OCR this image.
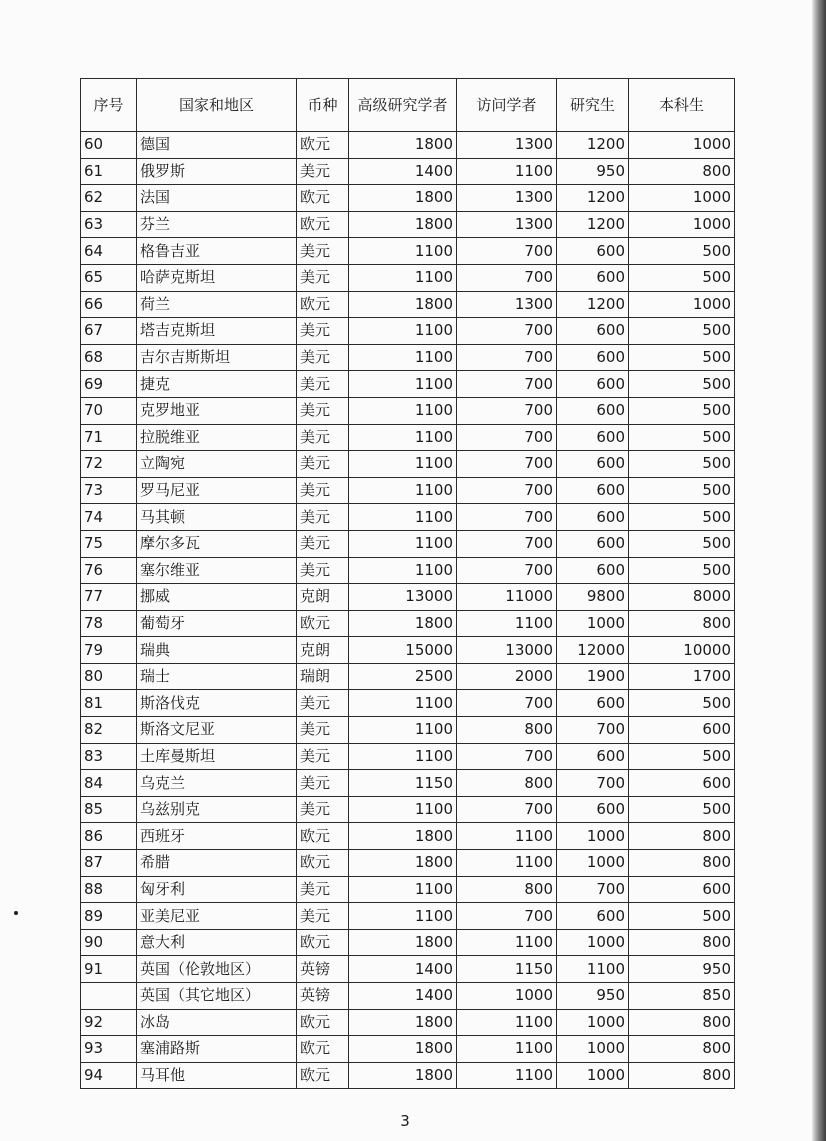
序号	国家和地区	币种	高级研究学者	访问学者	研究生	本科生
60	德国	欧元	1800	1300	1200	1000
61	俄罗斯	美元	1400	1100	950	800
62	法国	欧元	1800	1300	1200	1000
63	芬兰	欧元	1800	1300	1200	1000
64	格鲁吉亚	美元	1100	700	600	500
65	哈萨克斯坦	美元	1100	700	600	500
66	荷兰	欧元	1800	1300	1200	1000
67	塔吉克斯坦	美元	1100	700	600	500
68	吉尔吉斯斯坦	美元	1100	700	600	500
69	捷克	美元	1100	700	600	500
70	克罗地亚	美元	1100	700	600	500
71	拉脱维亚	美元	1100	700	600	500
72	立陶宛	美元	1100	700	600	500
73	罗马尼亚	美元	1100	700	600	500
74	马其顿	美元	1100	700	600	500
75	摩尔多瓦	美元	1100	700	600	500
76	塞尔维亚	美元	1100	700	600	500
77	挪威	克朗	13000	11000	9800	8000
78	葡萄牙	欧元	1800	1100	1000	800
79	瑞典	克朗	15000	13000	12000	10000
80	瑞士	瑞朗	2500	2000	1900	1700
81	斯洛伐克	美元	1100	700	600	500
82	斯洛文尼亚	美元	1100	800	700	600
83	土库曼斯坦	美元	1100	700	600	500
84	乌克兰	美元	1150	800	700	600
85	乌兹别克	美元	1100	700	600	500
86	西班牙	欧元	1800	1100	1000	800
87	希腊	欧元	1800	1100	1000	800
88	匈牙利	美元	1100	800	700	600
89	亚美尼亚	美元	1100	700	600	500
90	意大利	欧元	1800	1100	1000	800
91	英国（伦敦地区）	英镑	1400	1150	1100	950
	英国（其它地区）	英镑	1400	1000	950	850
92	冰岛	欧元	1800	1100	1000	800
93	塞浦路斯	欧元	1800	1100	1000	800
94	马耳他	欧元	1800	1100	1000	800
3
